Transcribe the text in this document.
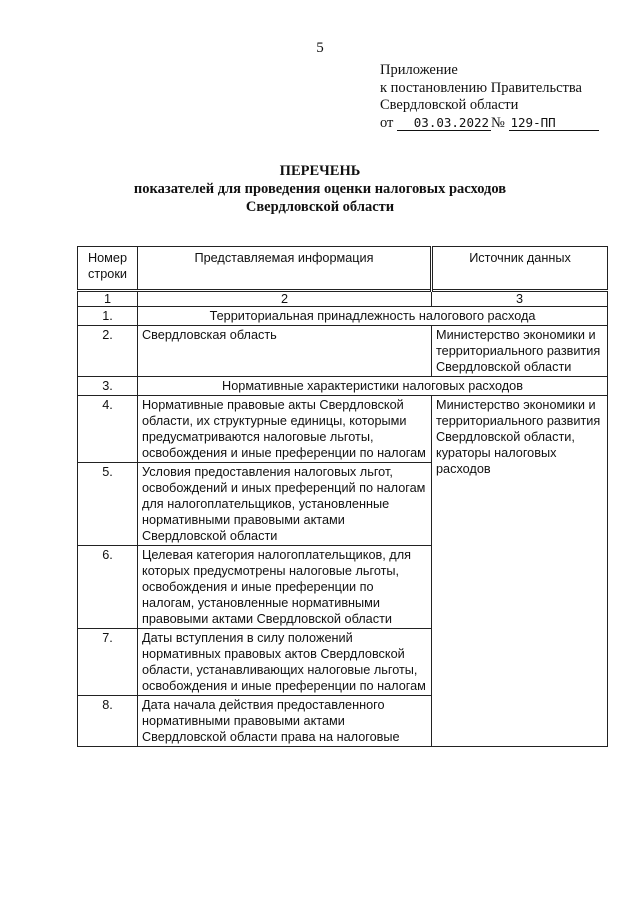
5
Приложение
к постановлению Правительства
Свердловской области
от 03.03.2022 № 129-ПП
ПЕРЕЧЕНЬ
показателей для проведения оценки налоговых расходов
Свердловской области
Номер строки	Представляемая информация	Источник данных
1	2	3
1.	Территориальная принадлежность налогового расхода	
2.	Свердловская область	Министерство экономики и территориального развития Свердловской области
3.	Нормативные характеристики налоговых расходов	
4.	Нормативные правовые акты Свердловской области, их структурные единицы, которыми предусматриваются налоговые льготы, освобождения и иные преференции по налогам	Министерство экономики и территориального развития Свердловской области,
кураторы налоговых расходов

5.	Условия предоставления налоговых льгот, освобождений и иных преференций по налогам для налогоплательщиков, установленные нормативными правовыми актами Свердловской области	
6.	Целевая категория налогоплательщиков, для которых предусмотрены налоговые льготы, освобождения и иные преференции по налогам, установленные нормативными правовыми актами Свердловской области	
7.	Даты вступления в силу положений нормативных правовых актов Свердловской области, устанавливающих налоговые льготы, освобождения и иные преференции по налогам	
8.	Дата начала действия предоставленного нормативными правовыми актами Свердловской области права на налоговые	
